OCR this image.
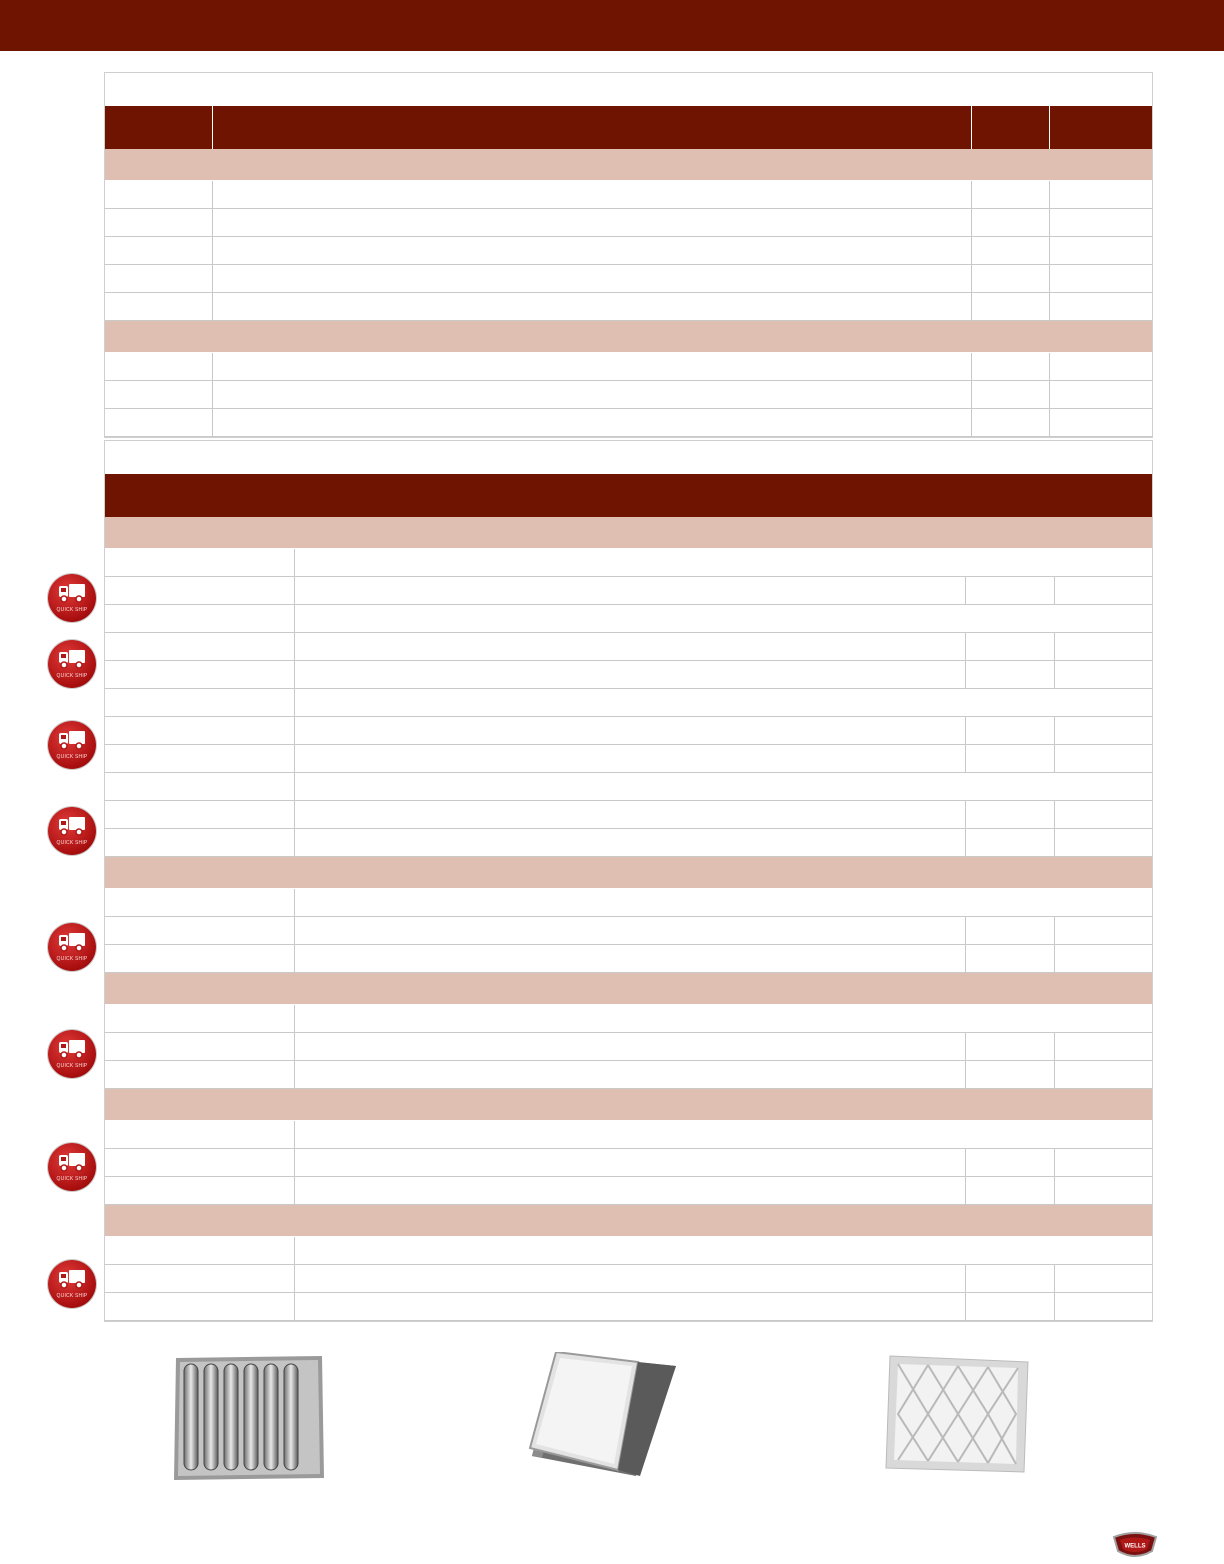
QUICK SHIP
QUICK SHIP
QUICK SHIP
QUICK SHIP
QUICK SHIP
QUICK SHIP
QUICK SHIP
QUICK SHIP
WELLS
